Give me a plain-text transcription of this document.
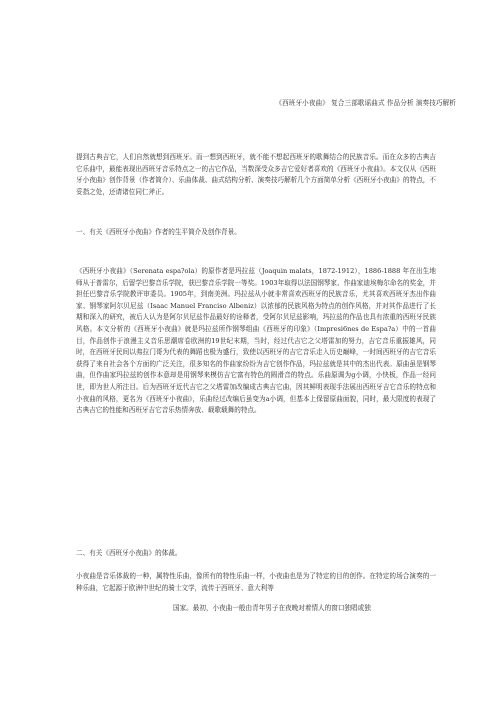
《西班牙小夜曲》 复合三部歌谣曲式 作品分析 演奏技巧解析
提到古典吉它，人们自然就想到西班牙。而一想到西班牙，就不能不想起西班牙的歌舞结合的民族音乐。而在众多的古典吉它乐曲中，最能表现出西班牙音乐特点之一的吉它作品，当数深受众多吉它爱好者喜欢的《西班牙小夜曲》。本文仅从《西班牙小夜曲》创作背景（作者简介）、乐曲体裁、曲式结构分析、演奏技巧解析几个方面简单分析《西班牙小夜曲》的特点，不妥指之处，还请诸位同仁斧正。
一、有关《西班牙小夜曲》作者的生平简介及创作背景。
《西班牙小夜曲》（Serenata espa?ola）的原作者是玛拉兹（Joaquin malats，1872-1912），1886-1888 年在出生地师从于普雷尔，后留学巴黎音乐学院，获巴黎音乐学院一等奖。1903年取得以法国钢琴家、作曲家迪埃梅尔命名的奖金，并担任巴黎音乐学院教评审委员。1905年，到南美洲。玛拉兹从小就非常喜欢西班牙的民族音乐，尤其喜欢西班牙杰出作曲家、钢琴家阿尔贝尼兹（Isaac Manuel Franciso Albeniz）以浓郁的民族风格为特点的创作风格，并对其作品进行了长期和深入的研究，被后人认为是阿尔贝尼兹作品最好的诠释者，受阿尔贝尼兹影响，玛拉兹的作品也具有浓重的西班牙民族风格。本文分析的《西班牙小夜曲》就是玛拉兹所作钢琴组曲《西班牙的印象》（Impresi6nes de Espa?a）中的一首曲目，作品创作于浪漫主义音乐思潮席卷欧洲的19世纪末期，当时，经过代吉它之父塔雷加的努力，吉它音乐重振雄风，同时，在西班牙民间以弗拉门哥为代表的舞蹈也极为盛行，致使以西班牙的吉它音乐走入历史巅峰，一时间西班牙的吉它音乐获得了来自社会各个方面的广泛关注，很多知名的作曲家纷纷为吉它创作作品，玛拉兹就是其中的杰出代表。原曲虽是钢琴曲，但作曲家玛拉兹的创作本意却是用钢琴来模仿吉它富有特色的圆滑音的特点。乐曲原调为g小调，小快板，作品一经问世，即为世人所注目。后为西班牙近代吉它之父塔雷加改编成古典吉它曲，因其鲜明表现手法展出西班牙吉它音乐的特点和小夜曲的风格，更名为《西班牙小夜曲》，乐曲经过改编后虽变为a小调，但基本上保留原曲面貌，同时，最大限度的表现了古典吉它的性能和西班牙吉它音乐热情奔放、载歌载舞的特点。
二、有关《西班牙小夜曲》的体裁。
小夜曲是音乐体裁的一种，属特性乐曲，像所有的特性乐曲一样，小夜曲也是为了特定的目的创作。在特定的场合演奏的一种乐曲，它起源于欧洲中世纪的骑士文学，流传于西班牙、意大利等
国家。最初，小夜曲一般由青年男子在夜晚对着情人的窗口独唱或独
